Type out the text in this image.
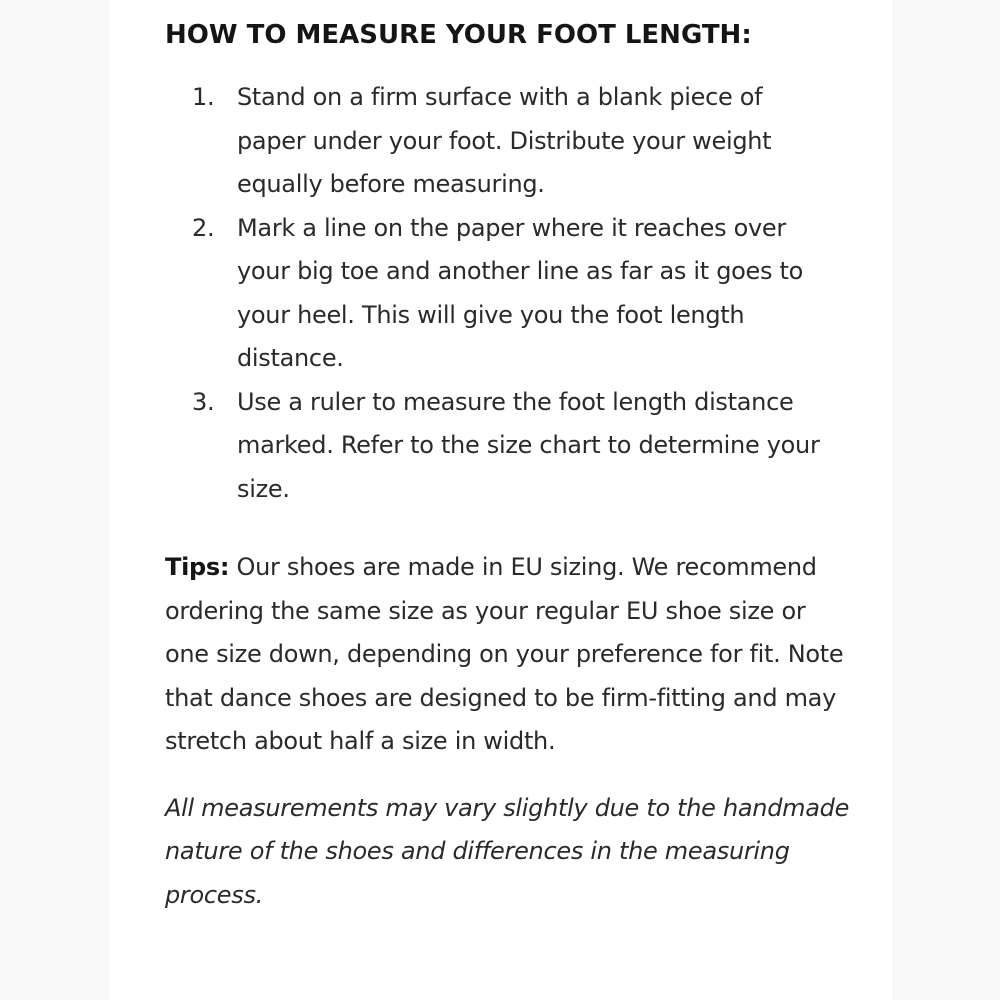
HOW TO MEASURE YOUR FOOT LENGTH:
1. Stand on a firm surface with a blank piece of paper under your foot. Distribute your weight equally before measuring.
2. Mark a line on the paper where it reaches over your big toe and another line as far as it goes to your heel. This will give you the foot length distance.
3. Use a ruler to measure the foot length distance marked. Refer to the size chart to determine your size.

Tips: Our shoes are made in EU sizing. We recommend ordering the same size as your regular EU shoe size or one size down, depending on your preference for fit. Note that dance shoes are designed to be firm-fitting and may stretch about half a size in width.

All measurements may vary slightly due to the handmade nature of the shoes and differences in the measuring process.
